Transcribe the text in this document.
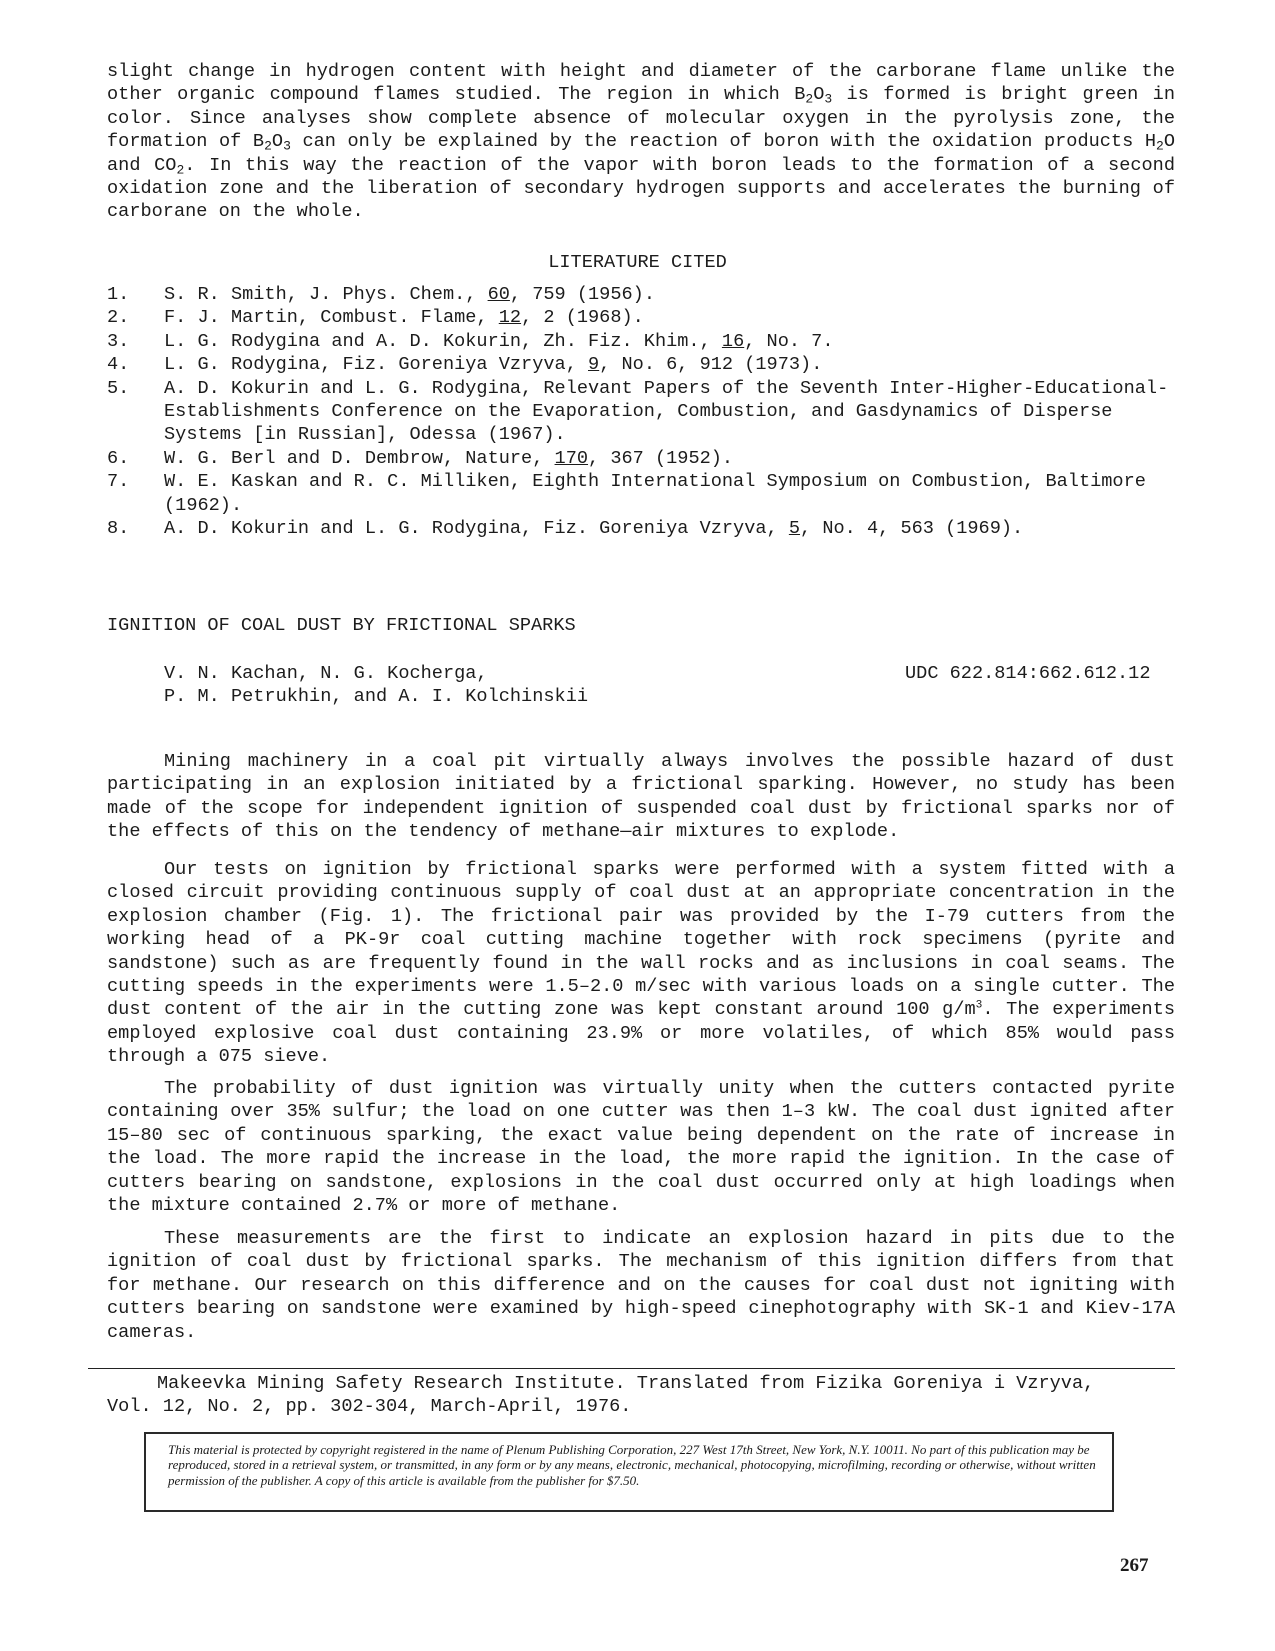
slight change in hydrogen content with height and diameter of the carborane flame unlike the other organic compound flames studied. The region in which $B_2O_3$ is formed is bright green in color. Since analyses show complete absence of molecular oxygen in the pyrolysis zone, the formation of $B_2O_3$ can only be explained by the reaction of boron with the oxidation products $H_2O$ and $CO_2$. In this way the reaction of the vapor with boron leads to the formation of a second oxidation zone and the liberation of secondary hydrogen supports and accelerates the burning of carborane on the whole.

LITERATURE CITED
1. S. R. Smith, J. Phys. Chem., 60, 759 (1956).
2. F. J. Martin, Combust. Flame, 12, 2 (1968).
3. L. G. Rodygina and A. D. Kokurin, Zh. Fiz. Khim., 16, No. 7.
4. L. G. Rodygina, Fiz. Goreniya Vzryva, 9, No. 6, 912 (1973).
5. A. D. Kokurin and L. G. Rodygina, Relevant Papers of the Seventh Inter-Higher-Educational-Establishments Conference on the Evaporation, Combustion, and Gasdynamics of Disperse Systems [in Russian], Odessa (1967).
6. W. G. Berl and D. Dembrow, Nature, 170, 367 (1952).
7. W. E. Kaskan and R. C. Milliken, Eighth International Symposium on Combustion, Baltimore (1962).
8. A. D. Kokurin and L. G. Rodygina, Fiz. Goreniya Vzryva, 5, No. 4, 563 (1969).
IGNITION OF COAL DUST BY FRICTIONAL SPARKS
V. N. Kachan, N. G. Kocherga,
P. M. Petrukhin, and A. I. Kolchinskii
UDC 622.814:662.612.12

Mining machinery in a coal pit virtually always involves the possible hazard of dust participating in an explosion initiated by a frictional sparking. However, no study has been made of the scope for independent ignition of suspended coal dust by frictional sparks nor of the effects of this on the tendency of methane—air mixtures to explode.

Our tests on ignition by frictional sparks were performed with a system fitted with a closed circuit providing continuous supply of coal dust at an appropriate concentration in the explosion chamber (Fig. 1). The frictional pair was provided by the I-79 cutters from the working head of a PK-9r coal cutting machine together with rock specimens (pyrite and sandstone) such as are frequently found in the wall rocks and as inclusions in coal seams. The cutting speeds in the experiments were 1.5–2.0 m/sec with various loads on a single cutter. The dust content of the air in the cutting zone was kept constant around 100 $g/m^3$. The experiments employed explosive coal dust containing 23.9% or more volatiles, of which 85% would pass through a 075 sieve.

The probability of dust ignition was virtually unity when the cutters contacted pyrite containing over 35% sulfur; the load on one cutter was then 1–3 kW. The coal dust ignited after 15–80 sec of continuous sparking, the exact value being dependent on the rate of increase in the load. The more rapid the increase in the load, the more rapid the ignition. In the case of cutters bearing on sandstone, explosions in the coal dust occurred only at high loadings when the mixture contained 2.7% or more of methane.

These measurements are the first to indicate an explosion hazard in pits due to the ignition of coal dust by frictional sparks. The mechanism of this ignition differs from that for methane. Our research on this difference and on the causes for coal dust not igniting with cutters bearing on sandstone were examined by high-speed cinephotography with SK-1 and Kiev-17A cameras.

Makeevka Mining Safety Research Institute. Translated from Fizika Goreniya i Vzryva,
Vol. 12, No. 2, pp. 302-304, March-April, 1976.
This material is protected by copyright registered in the name of Plenum Publishing Corporation, 227 West 17th Street, New York, N.Y. 10011. No part of this publication may be reproduced, stored in a retrieval system, or transmitted, in any form or by any means, electronic, mechanical, photocopying, microfilming, recording or otherwise, without written permission of the publisher. A copy of this article is available from the publisher for $7.50.
267
